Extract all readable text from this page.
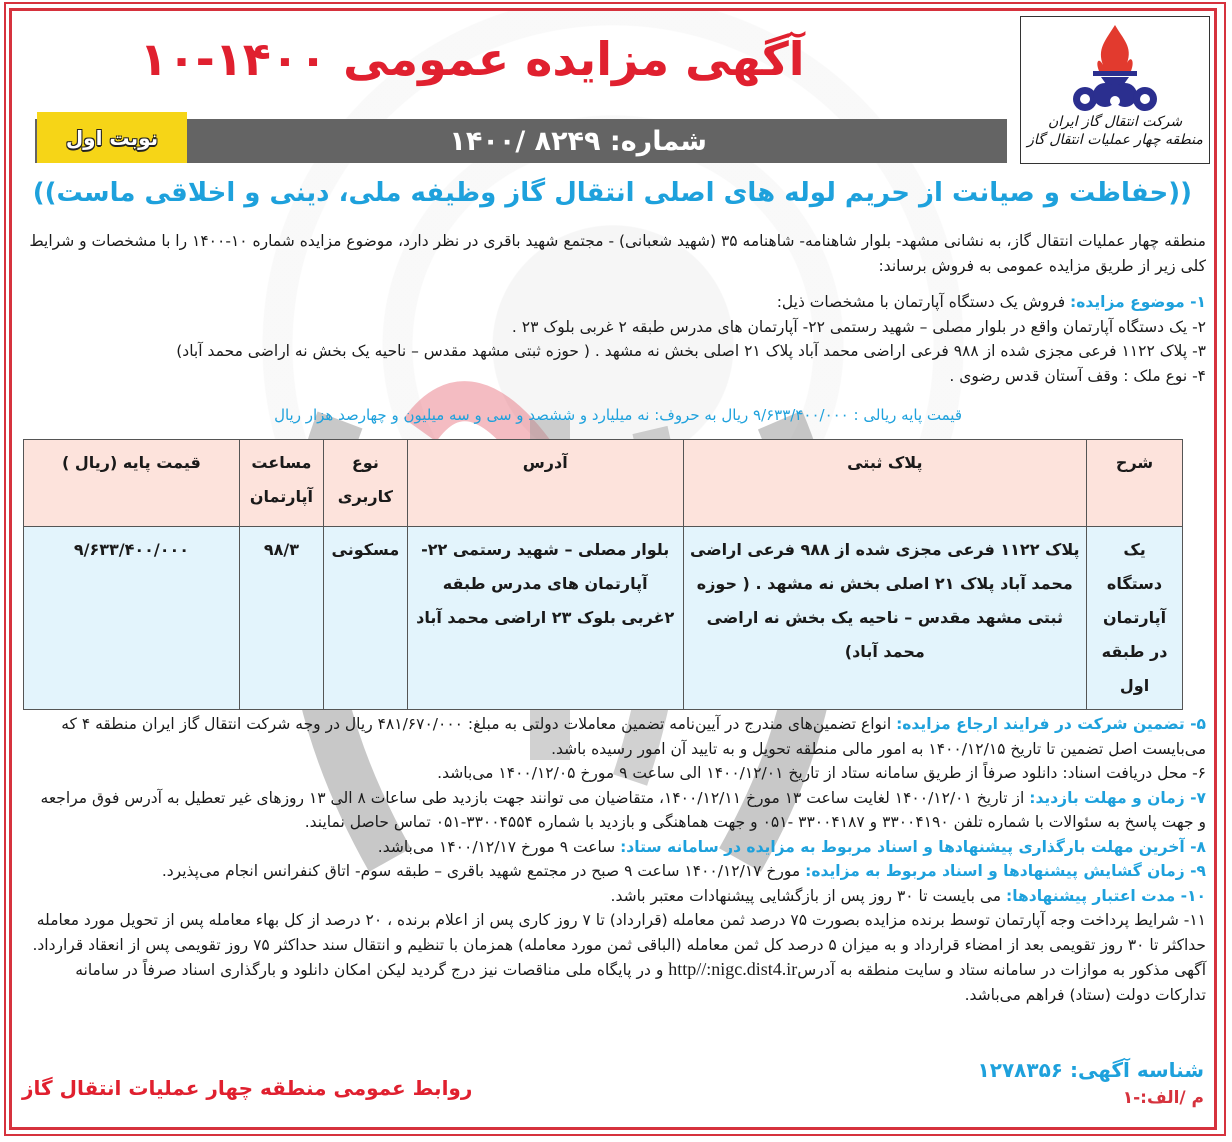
شرکت انتقال گاز ایران
منطقه چهار عملیات انتقال گاز
آگهی مزایده عمومی ۱۰-۱۴۰۰
شماره: ۸۲۴۹ /۱۴۰۰
نوبت اول
((حفاظت و صیانت از حریم لوله های اصلی انتقال گاز وظیفه ملی، دینی و اخلاقی ماست))
منطقه چهار عملیات انتقال گاز، به نشانی مشهد- بلوار شاهنامه- شاهنامه ۳۵ (شهید شعبانی) - مجتمع شهید باقری در نظر دارد، موضوع مزایده شماره ۱۰-۱۴۰۰ را با مشخصات و شرایط
کلی زیر از طریق مزایده عمومی به فروش برساند:
۱- موضوع مزایده: فروش یک دستگاه آپارتمان با مشخصات ذیل:
۲- یک دستگاه آپارتمان واقع در بلوار مصلی – شهید رستمی ۲۲- آپارتمان های مدرس طبقه ۲ غربی بلوک ۲۳ .
۳- پلاک ۱۱۲۲ فرعی مجزی شده از ۹۸۸ فرعی اراضی محمد آباد پلاک ۲۱ اصلی بخش نه مشهد . ( حوزه ثبتی مشهد مقدس – ناحیه یک بخش نه اراضی محمد آباد)
۴- نوع ملک : وقف آستان قدس رضوی .
قیمت پایه ریالی : ۹/۶۳۳/۴۰۰/۰۰۰ ریال به حروف: نه میلیارد و ششصد و سی و سه میلیون و چهارصد هزار ریال
شرح	پلاک ثبتی	آدرس	نوع کاربری	مساعت آپارتمان	قیمت پایه (ریال )
یک دستگاه آپارتمان در طبقه اول	پلاک ۱۱۲۲ فرعی مجزی شده از ۹۸۸ فرعی اراضی محمد آباد پلاک ۲۱ اصلی بخش نه مشهد . ( حوزه ثبتی مشهد مقدس – ناحیه یک بخش نه اراضی محمد آباد)	بلوار مصلی – شهید رستمی ۲۲- آپارتمان های مدرس طبقه ۲غربی بلوک ۲۳ اراضی محمد آباد	مسکونی	۹۸/۳	۹/۶۳۳/۴۰۰/۰۰۰
۵- تضمین شرکت در فرایند ارجاع مزایده: انواع تضمین‌های مندرج در آیین‌نامه تضمین معاملات دولتی به مبلغ: ۴۸۱/۶۷۰/۰۰۰ ریال در وجه شرکت انتقال گاز ایران منطقه ۴ که
می‌بایست اصل تضمین تا تاریخ ۱۴۰۰/۱۲/۱۵ به امور مالی منطقه تحویل و به تایید آن امور رسیده باشد.
۶- محل دریافت اسناد: دانلود صرفاً از طریق سامانه ستاد از تاریخ ۱۴۰۰/۱۲/۰۱ الی ساعت ۹ مورخ ۱۴۰۰/۱۲/۰۵ می‌باشد.
۷- زمان و مهلت بازدید: از تاریخ ۱۴۰۰/۱۲/۰۱ لغایت ساعت ۱۳ مورخ ۱۴۰۰/۱۲/۱۱، متقاضیان می توانند جهت بازدید طی ساعات ۸ الی ۱۳ روزهای غیر تعطیل به آدرس فوق مراجعه
و جهت پاسخ به سئوالات با شماره تلفن ۳۳۰۰۴۱۹۰ و ۳۳۰۰۴۱۸۷ -۰۵۱ و جهت هماهنگی و بازدید با شماره ۳۳۰۰۴۵۵۴-۰۵۱ تماس حاصل نمایند.
۸- آخرین مهلت بارگذاری پیشنهادها و اسناد مربوط به مزایده در سامانه ستاد: ساعت ۹ مورخ ۱۴۰۰/۱۲/۱۷ می‌باشد.
۹- زمان گشایش پیشنهادها و اسناد مربوط به مزایده: مورخ ۱۴۰۰/۱۲/۱۷ ساعت ۹ صبح در مجتمع شهید باقری – طبقه سوم- اتاق کنفرانس انجام می‌پذیرد.
۱۰- مدت اعتبار پیشنهادها: می بایست تا ۳۰ روز پس از بازگشایی پیشنهادات معتبر باشد.
۱۱- شرایط پرداخت وجه آپارتمان توسط برنده مزایده بصورت ۷۵ درصد ثمن معامله (قرارداد) تا ۷ روز کاری پس از اعلام برنده ، ۲۰ درصد از کل بهاء معامله پس از تحویل مورد معامله
حداکثر تا ۳۰ روز تقویمی بعد از امضاء قرارداد و به میزان ۵ درصد کل ثمن معامله (الباقی ثمن مورد معامله) همزمان با تنظیم و انتقال سند حداکثر ۷۵ روز تقویمی پس از انعقاد قرارداد.
آگهی مذکور به موازات در سامانه ستاد و سایت منطقه به آدرسhttp//:nigc.dist4.ir و در پایگاه ملی مناقصات نیز درج گردید لیکن امکان دانلود و بارگذاری اسناد صرفاً در سامانه
تدارکات دولت (ستاد) فراهم می‌باشد.
شناسه آگهی: ۱۲۷۸۳۵۶
م /الف:-۱
روابط عمومی منطقه چهار عملیات انتقال گاز
